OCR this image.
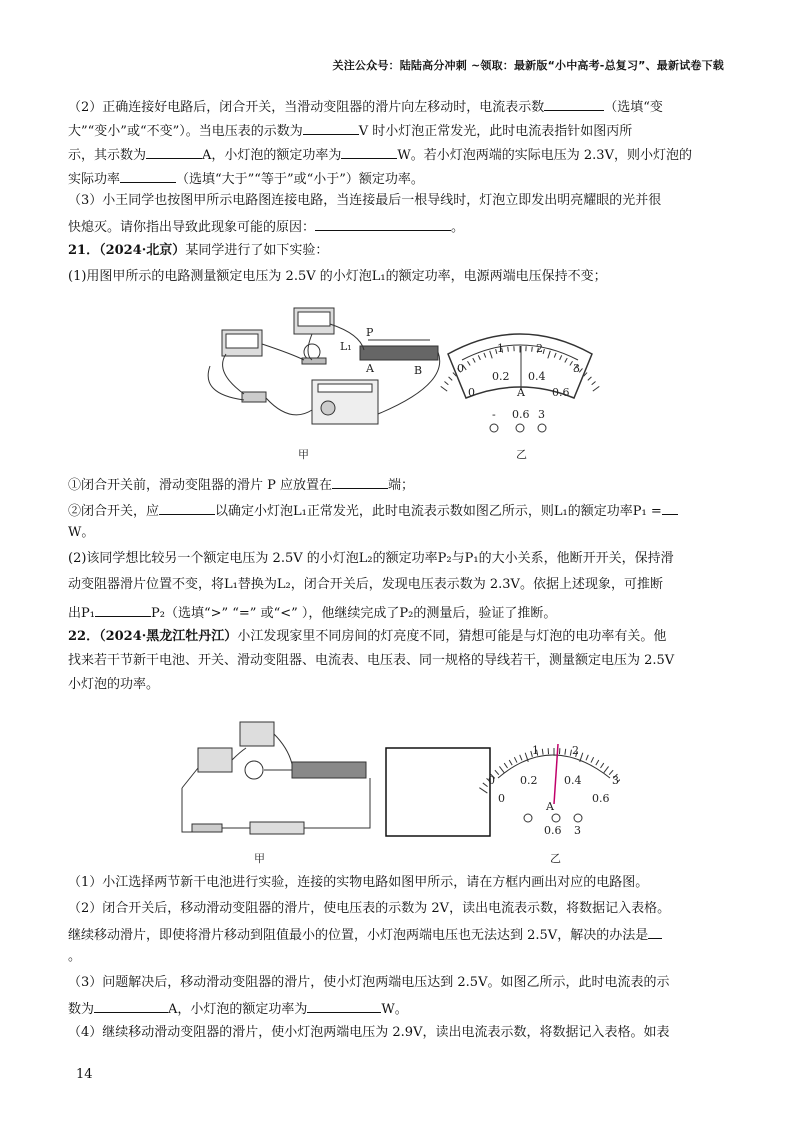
关注公众号：陆陆高分冲刺 ~领取：最新版“小中高考-总复习”、最新试卷下载
（2）正确连接好电路后，闭合开关，当滑动变阻器的滑片向左移动时，电流表示数	（选填“变
大”“变小”或“不变”）。当电压表的示数为	V 时小灯泡正常发光，此时电流表指针如图丙所
示，其示数为	A，小灯泡的额定功率为	W。若小灯泡两端的实际电压为 2.3V，则小灯泡的
实际功率	（选填“大于”“等于”或“小于”）额定功率。
（3）小王同学也按图甲所示电路图连接电路，当连接最后一根导线时，灯泡立即发出明亮耀眼的光并很
快熄灭。请你指出导致此现象可能的原因：	。
21．（2024·北京）某同学进行了如下实验：
(1)用图甲所示的电路测量额定电压为 2.5V 的小灯泡L₁的额定功率，电源两端电压保持不变；
L₁
P
A	B
甲
0
1	2
3
0
0.2 0.4
0.6
A
- 0.6 3
乙
①闭合开关前，滑动变阻器的滑片 P 应放置在	端；
②闭合开关，应	以确定小灯泡L₁正常发光，此时电流表示数如图乙所示，则L₁的额定功率P₁ =
W。
(2)该同学想比较另一个额定电压为 2.5V 的小灯泡L₂的额定功率P₂与P₁的大小关系，他断开开关，保持滑
动变阻器滑片位置不变，将L₁替换为L₂，闭合开关后，发现电压表示数为 2.3V。依据上述现象，可推断
出P₁	P₂（选填“>” “=” 或“<” ），他继续完成了P₂的测量后，验证了推断。
22．（2024·黑龙江牡丹江）小江发现家里不同房间的灯亮度不同，猜想可能是与灯泡的电功率有关。他
找来若干节新干电池、开关、滑动变阻器、电流表、电压表、同一规格的导线若干，测量额定电压为 2.5V
小灯泡的功率。
甲
0
1	2
3
0
0.2 0.4
0.6
A
0.6 3
乙
（1）小江选择两节新干电池进行实验，连接的实物电路如图甲所示，请在方框内画出对应的电路图。
（2）闭合开关后，移动滑动变阻器的滑片，使电压表的示数为 2V，读出电流表示数，将数据记入表格。
继续移动滑片，即使将滑片移动到阻值最小的位置，小灯泡两端电压也无法达到 2.5V，解决的办法是
。
（3）问题解决后，移动滑动变阻器的滑片，使小灯泡两端电压达到 2.5V。如图乙所示，此时电流表的示
数为	A，小灯泡的额定功率为	W。
（4）继续移动滑动变阻器的滑片，使小灯泡两端电压为 2.9V，读出电流表示数，将数据记入表格。如表
14
